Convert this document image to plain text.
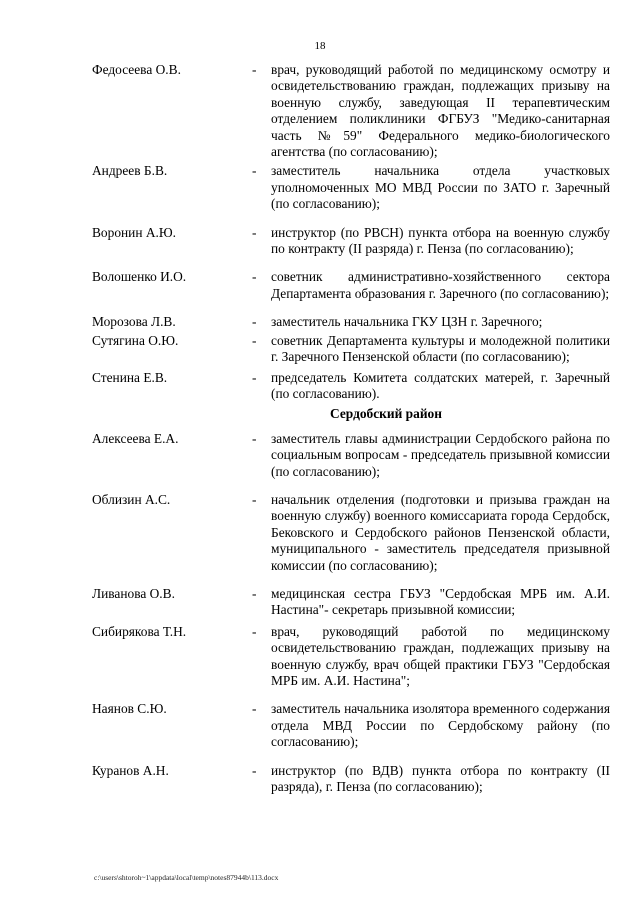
18
Федосеева О.В.	- врач, руководящий работой по медицинскому осмотру и освидетельствованию граждан, подлежащих призыву на военную службу, заведующая II терапевтическим отделением поликлиники ФГБУЗ "Медико-санитарная часть №59" Федерального медико-биологического агентства (по согласованию);
Андреев Б.В.	- заместитель начальника отдела участковых уполномоченных МО МВД России по ЗАТО г. Заречный (по согласованию);
Воронин А.Ю.	- инструктор (по РВСН) пункта отбора на военную службу по контракту (II разряда) г. Пенза (по согласованию);
Волошенко И.О.	- советник административно-хозяйственного сектора Департамента образования г. Заречного (по согласованию);
Морозова Л.В.	- заместитель начальника ГКУ ЦЗН г. Заречного;
Сутягина О.Ю.	- советник Департамента культуры и молодежной политики г. Заречного Пензенской области (по согласованию);
Стенина Е.В.	- председатель Комитета солдатских матерей, г. Заречный (по согласованию).
Сердобский район
Алексеева Е.А.	- заместитель главы администрации Сердобского района по социальным вопросам - председатель призывной комиссии (по согласованию);
Облизин А.С.	- начальник отделения (подготовки и призыва граждан на военную службу) военного комиссариата города Сердобск, Бековского и Сердобского районов Пензенской области, муниципального - заместитель председателя призывной комиссии (по согласованию);
Ливанова О.В.	- медицинская сестра ГБУЗ "Сердобская МРБ им. А.И. Настина"- секретарь призывной комиссии;
Сибирякова Т.Н.	- врач, руководящий работой по медицинскому освидетельствованию граждан, подлежащих призыву на военную службу, врач общей практики ГБУЗ "Сердобская МРБ им. А.И. Настина";
Наянов С.Ю.	- заместитель начальника изолятора временного содержания отдела МВД России по Сердобскому району (по согласованию);
Куранов А.Н.	- инструктор (по ВДВ) пункта отбора по контракту (II разряда), г. Пенза (по согласованию);
c:\users\shtoroh~1\appdata\local\temp\notes87944b\113.docx
